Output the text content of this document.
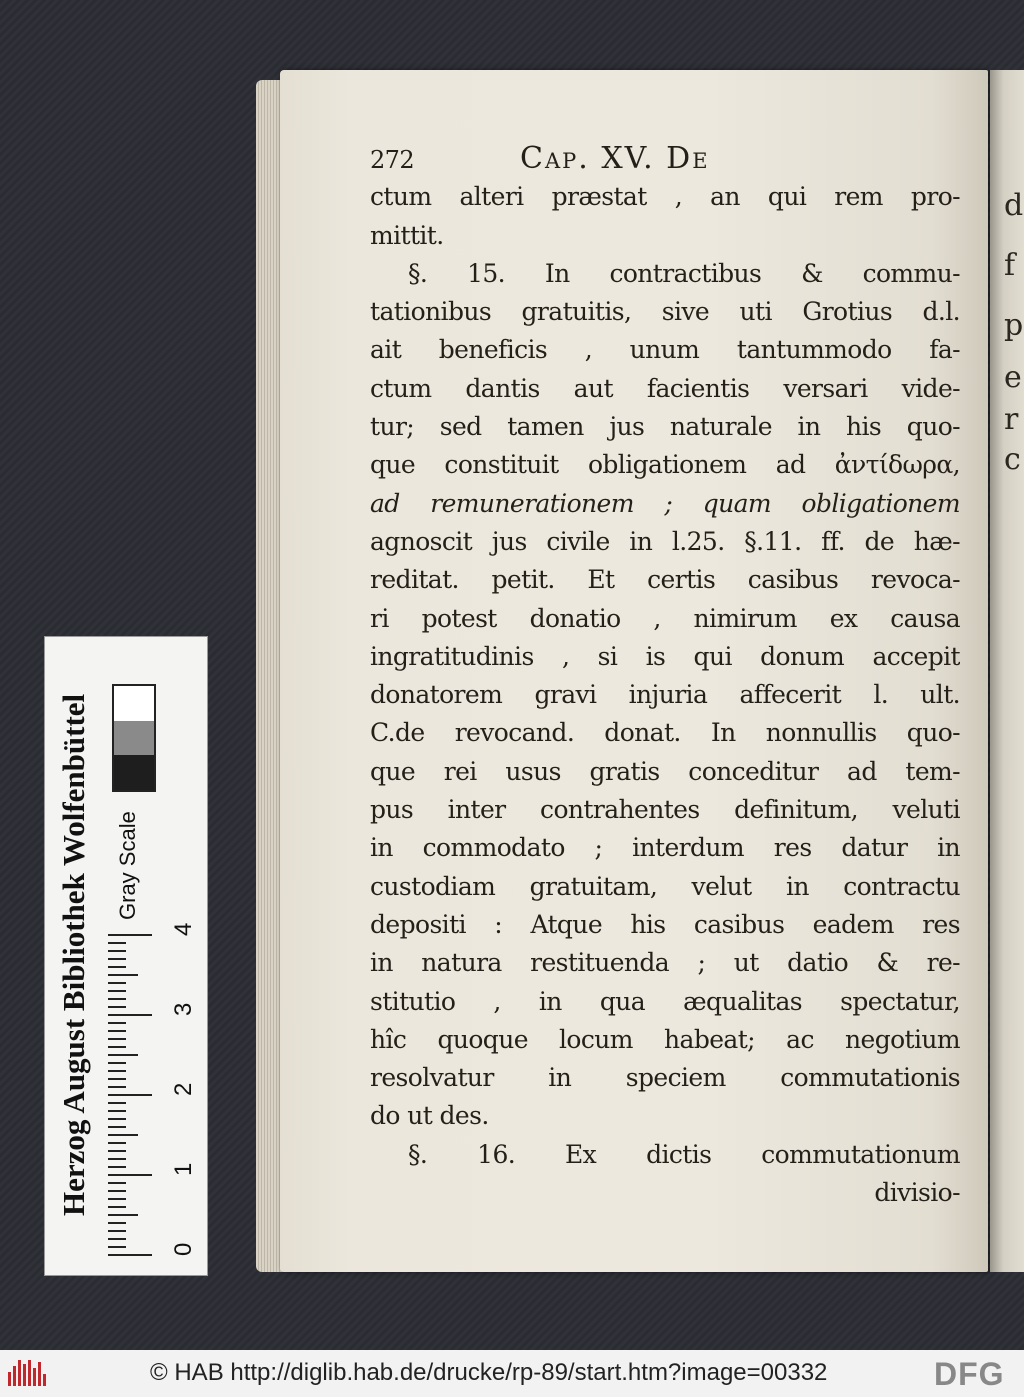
d
f
p
e
r
c
272	Cap. XV. De
ctum alteri præstat , an qui rem pro-
mittit.
§. 15. In contractibus & commu-
tationibus gratuitis, sive uti Grotius d.l.
ait beneficis , unum tantummodo fa-
ctum dantis aut facientis versari vide-
tur; sed tamen jus naturale in his quo-
que constituit obligationem ad ἀντίδωρα,
ad remunerationem ; quam obligationem
agnoscit jus civile in l.25. §.11. ff. de hæ-
reditat. petit. Et certis casibus revoca-
ri potest donatio , nimirum ex causa
ingratitudinis , si is qui donum accepit
donatorem gravi injuria affecerit l. ult.
C.de revocand. donat. In nonnullis quo-
que rei usus gratis conceditur ad tem-
pus inter contrahentes definitum, veluti
in commodato ; interdum res datur in
custodiam gratuitam, velut in contractu
depositi : Atque his casibus eadem res
in natura restituenda ; ut datio & re-
stitutio , in qua æqualitas spectatur,
hîc quoque locum habeat; ac negotium
resolvatur in speciem commutationis
do ut des.
§. 16. Ex dictis commutationum
divisio-
Herzog August Bibliothek Wolfenbüttel	Gray Scale
0
1
2
3
4
© HAB http://diglib.hab.de/drucke/rp-89/start.htm?image=00332	DFG
